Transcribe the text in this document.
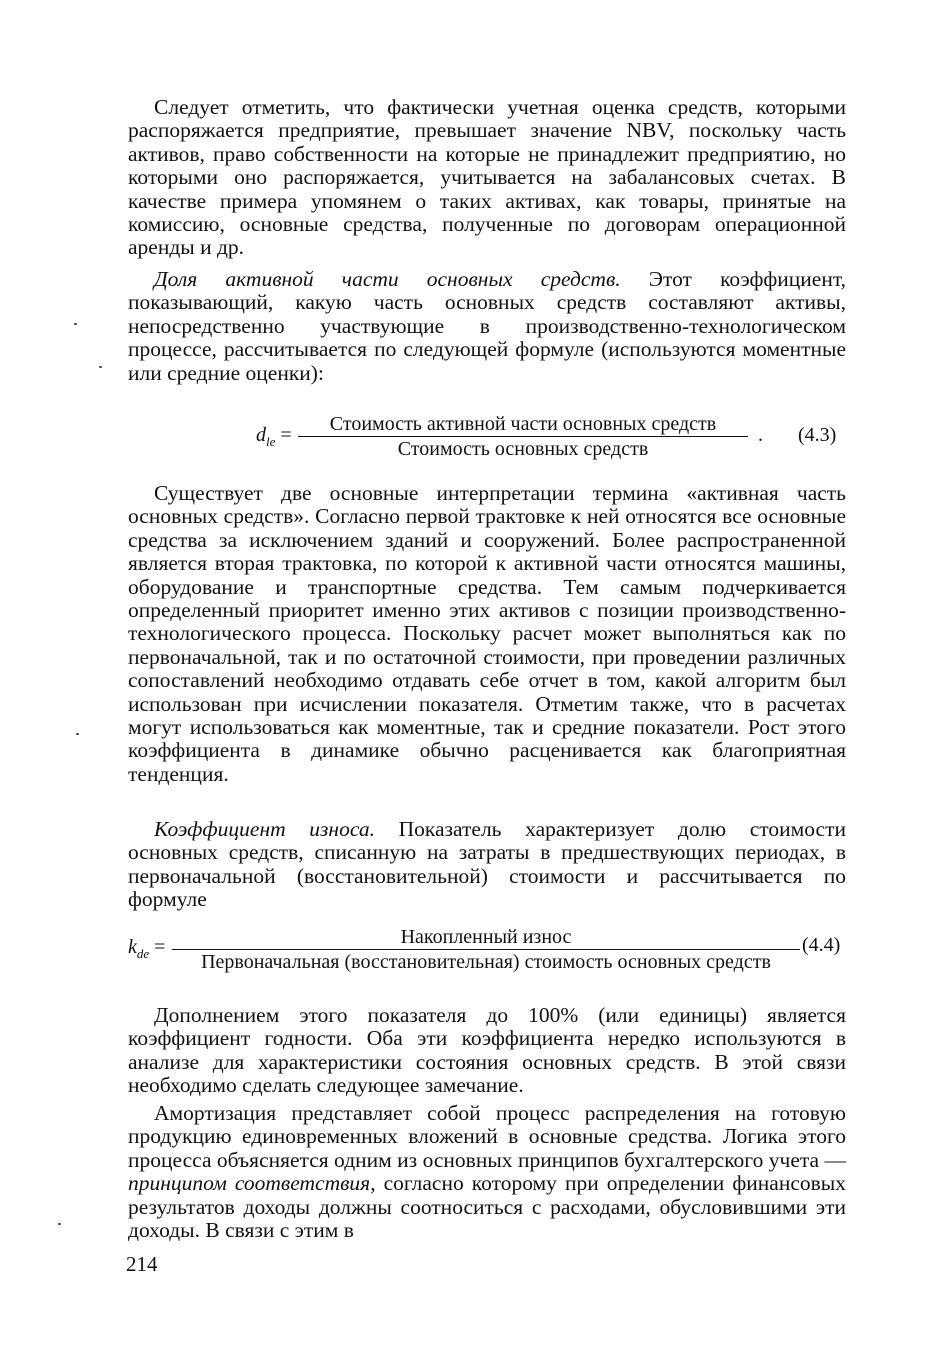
Следует отметить, что фактически учетная оценка средств, которыми распоряжается предприятие, превышает значение NBV, поскольку часть активов, право собственности на которые не принадлежит предприятию, но которыми оно распоряжается, учитывается на забалансовых счетах. В качестве примера упомянем о таких активах, как товары, принятые на комиссию, основные средства, полученные по договорам операционной аренды и др.

Доля активной части основных средств. Этот коэффициент, показывающий, какую часть основных средств составляют активы, непосредственно участвующие в производственно-технологическом процессе, рассчитывается по следующей формуле (используются моментные или средние оценки):

$d_{le}$ =	Стоимость активной части основных средств
Стоимость основных средств
. (4.3)

Существует две основные интерпретации термина «активная часть основных средств». Согласно первой трактовке к ней относятся все основные средства за исключением зданий и сооружений. Более распространенной является вторая трактовка, по которой к активной части относятся машины, оборудование и транспортные средства. Тем самым подчеркивается определенный приоритет именно этих активов с позиции производственно-технологического процесса. Поскольку расчет может выполняться как по первоначальной, так и по остаточной стоимости, при проведении различных сопоставлений необходимо отдавать себе отчет в том, какой алгоритм был использован при исчислении показателя. Отметим также, что в расчетах могут использоваться как моментные, так и средние показатели. Рост этого коэффициента в динамике обычно расценивается как благоприятная тенденция.

Коэффициент износа. Показатель характеризует долю стоимости основных средств, списанную на затраты в предшествующих периодах, в первоначальной (восстановительной) стоимости и рассчитывается по формуле

$k_{de}$ =	Накопленный износ
Первоначальная (восстановительная) стоимость основных средств
(4.4)

Дополнением этого показателя до 100% (или единицы) является коэффициент годности. Оба эти коэффициента нередко используются в анализе для характеристики состояния основных средств. В этой связи необходимо сделать следующее замечание.

Амортизация представляет собой процесс распределения на готовую продукцию единовременных вложений в основные средства. Логика этого процесса объясняется одним из основных принципов бухгалтерского учета — принципом соответствия, согласно которому при определении финансовых результатов доходы должны соотноситься с расходами, обусловившими эти доходы. В связи с этим в

214
